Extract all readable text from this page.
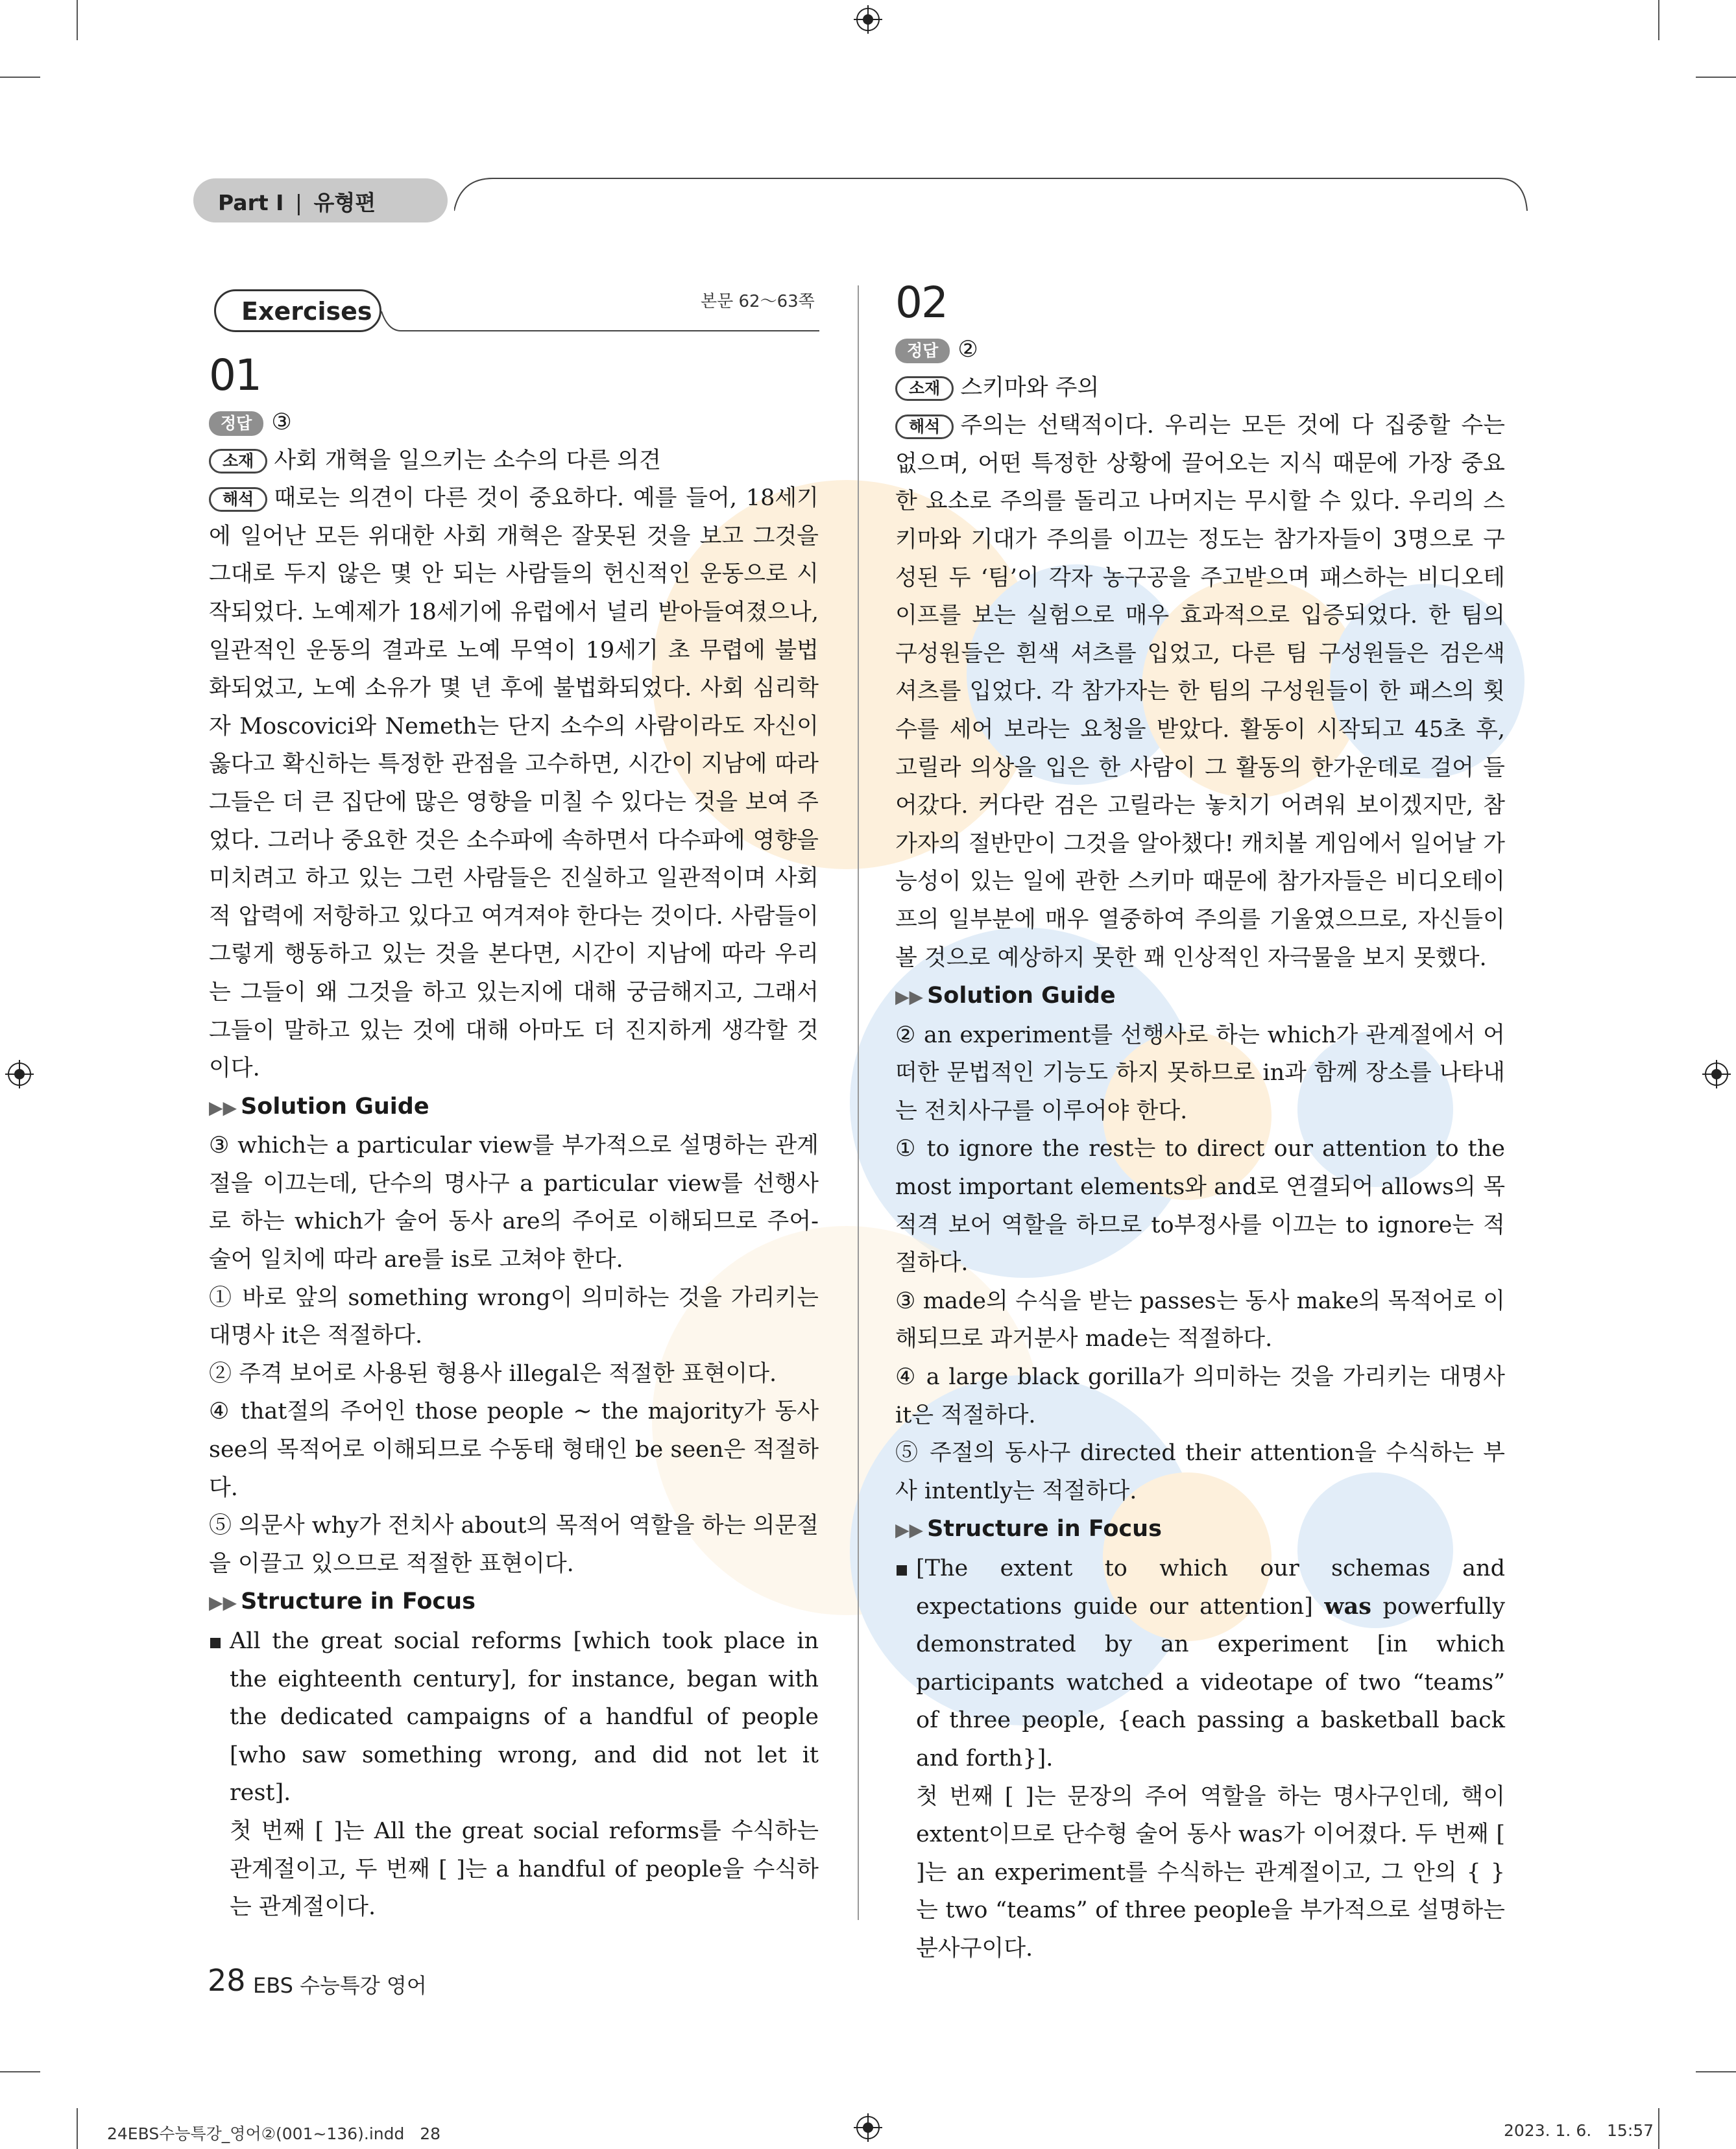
Part Ⅰ | 유형편
Exercises	본문 62～63쪽
01

정답 ③

소재 사회 개혁을 일으키는 소수의 다른 의견

해석 때로는 의견이 다른 것이 중요하다. 예를 들어, 18세기에 일어난 모든 위대한 사회 개혁은 잘못된 것을 보고 그것을 그대로 두지 않은 몇 안 되는 사람들의 헌신적인 운동으로 시작되었다. 노예제가 18세기에 유럽에서 널리 받아들여졌으나, 일관적인 운동의 결과로 노예 무역이 19세기 초 무렵에 불법화되었고, 노예 소유가 몇 년 후에 불법화되었다. 사회 심리학자 Moscovici와 Nemeth는 단지 소수의 사람이라도 자신이 옳다고 확신하는 특정한 관점을 고수하면, 시간이 지남에 따라 그들은 더 큰 집단에 많은 영향을 미칠 수 있다는 것을 보여 주었다. 그러나 중요한 것은 소수파에 속하면서 다수파에 영향을 미치려고 하고 있는 그런 사람들은 진실하고 일관적이며 사회적 압력에 저항하고 있다고 여겨져야 한다는 것이다. 사람들이 그렇게 행동하고 있는 것을 본다면, 시간이 지남에 따라 우리는 그들이 왜 그것을 하고 있는지에 대해 궁금해지고, 그래서 그들이 말하고 있는 것에 대해 아마도 더 진지하게 생각할 것이다.

▶▶ Solution Guide

③ which는 a particular view를 부가적으로 설명하는 관계절을 이끄는데, 단수의 명사구 a particular view를 선행사로 하는 which가 술어 동사 are의 주어로 이해되므로 주어-술어 일치에 따라 are를 is로 고쳐야 한다.

① 바로 앞의 something wrong이 의미하는 것을 가리키는 대명사 it은 적절하다.

② 주격 보어로 사용된 형용사 illegal은 적절한 표현이다.

④ that절의 주어인 those people ~ the majority가 동사 see의 목적어로 이해되므로 수동태 형태인 be seen은 적절하다.

⑤ 의문사 why가 전치사 about의 목적어 역할을 하는 의문절을 이끌고 있으므로 적절한 표현이다.

▶▶ Structure in Focus

All the great social reforms [which took place in the eighteenth century], for instance, began with the dedicated campaigns of a handful of people [who saw something wrong, and did not let it rest].

첫 번째 [ ]는 All the great social reforms를 수식하는 관계절이고, 두 번째 [ ]는 a handful of people을 수식하는 관계절이다.

02

정답 ②

소재 스키마와 주의

해석 주의는 선택적이다. 우리는 모든 것에 다 집중할 수는 없으며, 어떤 특정한 상황에 끌어오는 지식 때문에 가장 중요한 요소로 주의를 돌리고 나머지는 무시할 수 있다. 우리의 스키마와 기대가 주의를 이끄는 정도는 참가자들이 3명으로 구성된 두 ‘팀’이 각자 농구공을 주고받으며 패스하는 비디오테이프를 보는 실험으로 매우 효과적으로 입증되었다. 한 팀의 구성원들은 흰색 셔츠를 입었고, 다른 팀 구성원들은 검은색 셔츠를 입었다. 각 참가자는 한 팀의 구성원들이 한 패스의 횟수를 세어 보라는 요청을 받았다. 활동이 시작되고 45초 후, 고릴라 의상을 입은 한 사람이 그 활동의 한가운데로 걸어 들어갔다. 커다란 검은 고릴라는 놓치기 어려워 보이겠지만, 참가자의 절반만이 그것을 알아챘다! 캐치볼 게임에서 일어날 가능성이 있는 일에 관한 스키마 때문에 참가자들은 비디오테이프의 일부분에 매우 열중하여 주의를 기울였으므로, 자신들이 볼 것으로 예상하지 못한 꽤 인상적인 자극물을 보지 못했다.

▶▶ Solution Guide

② an experiment를 선행사로 하는 which가 관계절에서 어떠한 문법적인 기능도 하지 못하므로 in과 함께 장소를 나타내는 전치사구를 이루어야 한다.

① to ignore the rest는 to direct our attention to the most important elements와 and로 연결되어 allows의 목적격 보어 역할을 하므로 to부정사를 이끄는 to ignore는 적절하다.

③ made의 수식을 받는 passes는 동사 make의 목적어로 이해되므로 과거분사 made는 적절하다.

④ a large black gorilla가 의미하는 것을 가리키는 대명사 it은 적절하다.

⑤ 주절의 동사구 directed their attention을 수식하는 부사 intently는 적절하다.

▶▶ Structure in Focus

[The extent to which our schemas and expectations guide our attention] was powerfully demonstrated by an experiment [in which participants watched a videotape of two “teams” of three people, {each passing a basketball back and forth}].

첫 번째 [ ]는 문장의 주어 역할을 하는 명사구인데, 핵이 extent이므로 단수형 술어 동사 was가 이어졌다. 두 번째 [ ]는 an experiment를 수식하는 관계절이고, 그 안의 { }는 two “teams” of three people을 부가적으로 설명하는 분사구이다.

28 EBS 수능특강 영어
24EBS수능특강_영어②(001~136).indd   28	2023. 1. 6.   15:57
